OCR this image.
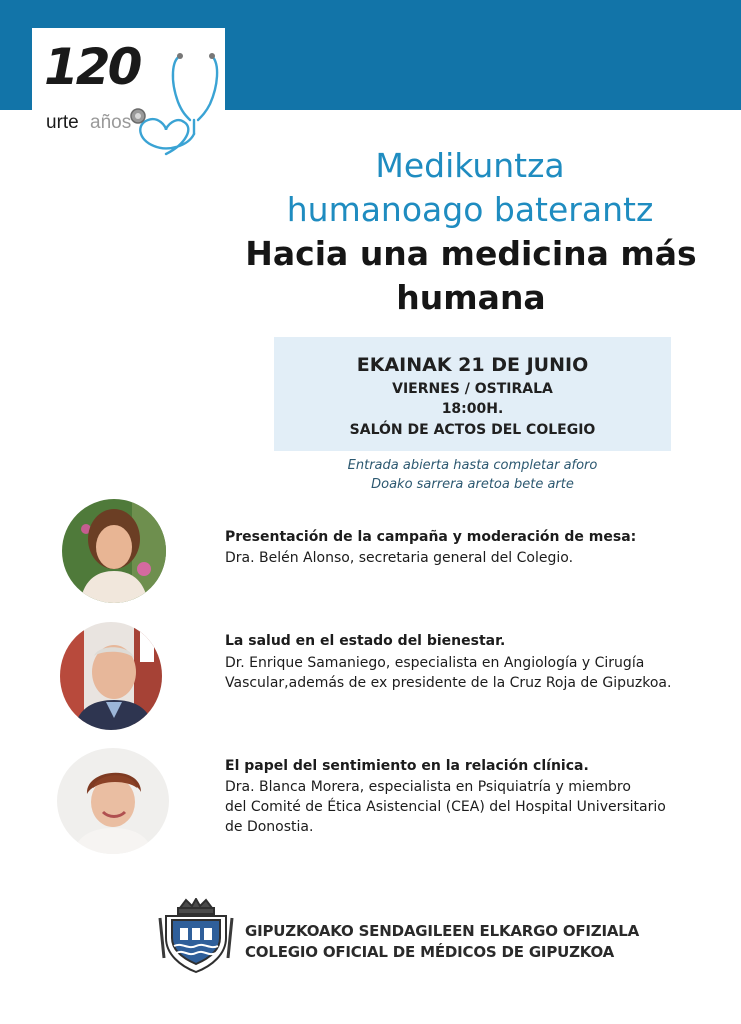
120
urte años
Medikuntza
humanoago baterantz
Hacia una medicina más
humana
EKAINAK 21 DE JUNIO
VIERNES / OSTIRALA
18:00H.
SALÓN DE ACTOS DEL COLEGIO
Entrada abierta hasta completar aforo
Doako sarrera aretoa bete arte
Presentación de la campaña y moderación de mesa:
Dra. Belén Alonso, secretaria general del Colegio.
La salud en el estado del bienestar.
Dr. Enrique Samaniego, especialista en Angiología y Cirugía
Vascular,además de ex presidente de la Cruz Roja de Gipuzkoa.
El papel del sentimiento en la relación clínica.
Dra. Blanca Morera, especialista en Psiquiatría y miembro
del Comité de Ética Asistencial (CEA) del Hospital Universitario
de Donostia.
GIPUZKOAKO SENDAGILEEN ELKARGO OFIZIALA
COLEGIO OFICIAL DE MÉDICOS DE GIPUZKOA
